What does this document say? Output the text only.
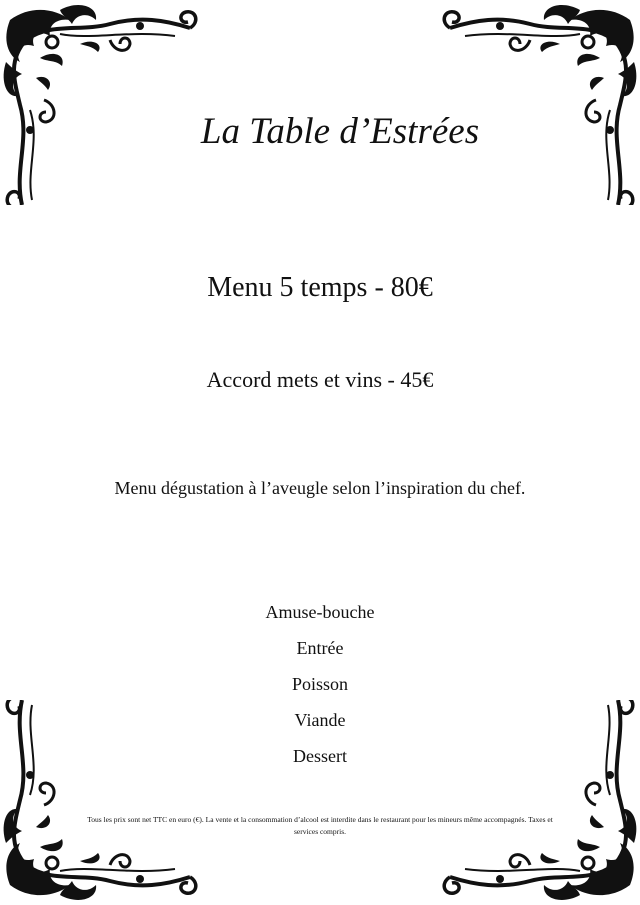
La Table d’Estrées
Menu 5 temps - 80€
Accord mets et vins - 45€
Menu dégustation à l’aveugle selon l’inspiration du chef.
Amuse-bouche
Entrée
Poisson
Viande
Dessert
Tous les prix sont net TTC en euro (€). La vente et la consommation d’alcool est interdite dans le restaurant pour les mineurs même accompagnés. Taxes et services compris.
